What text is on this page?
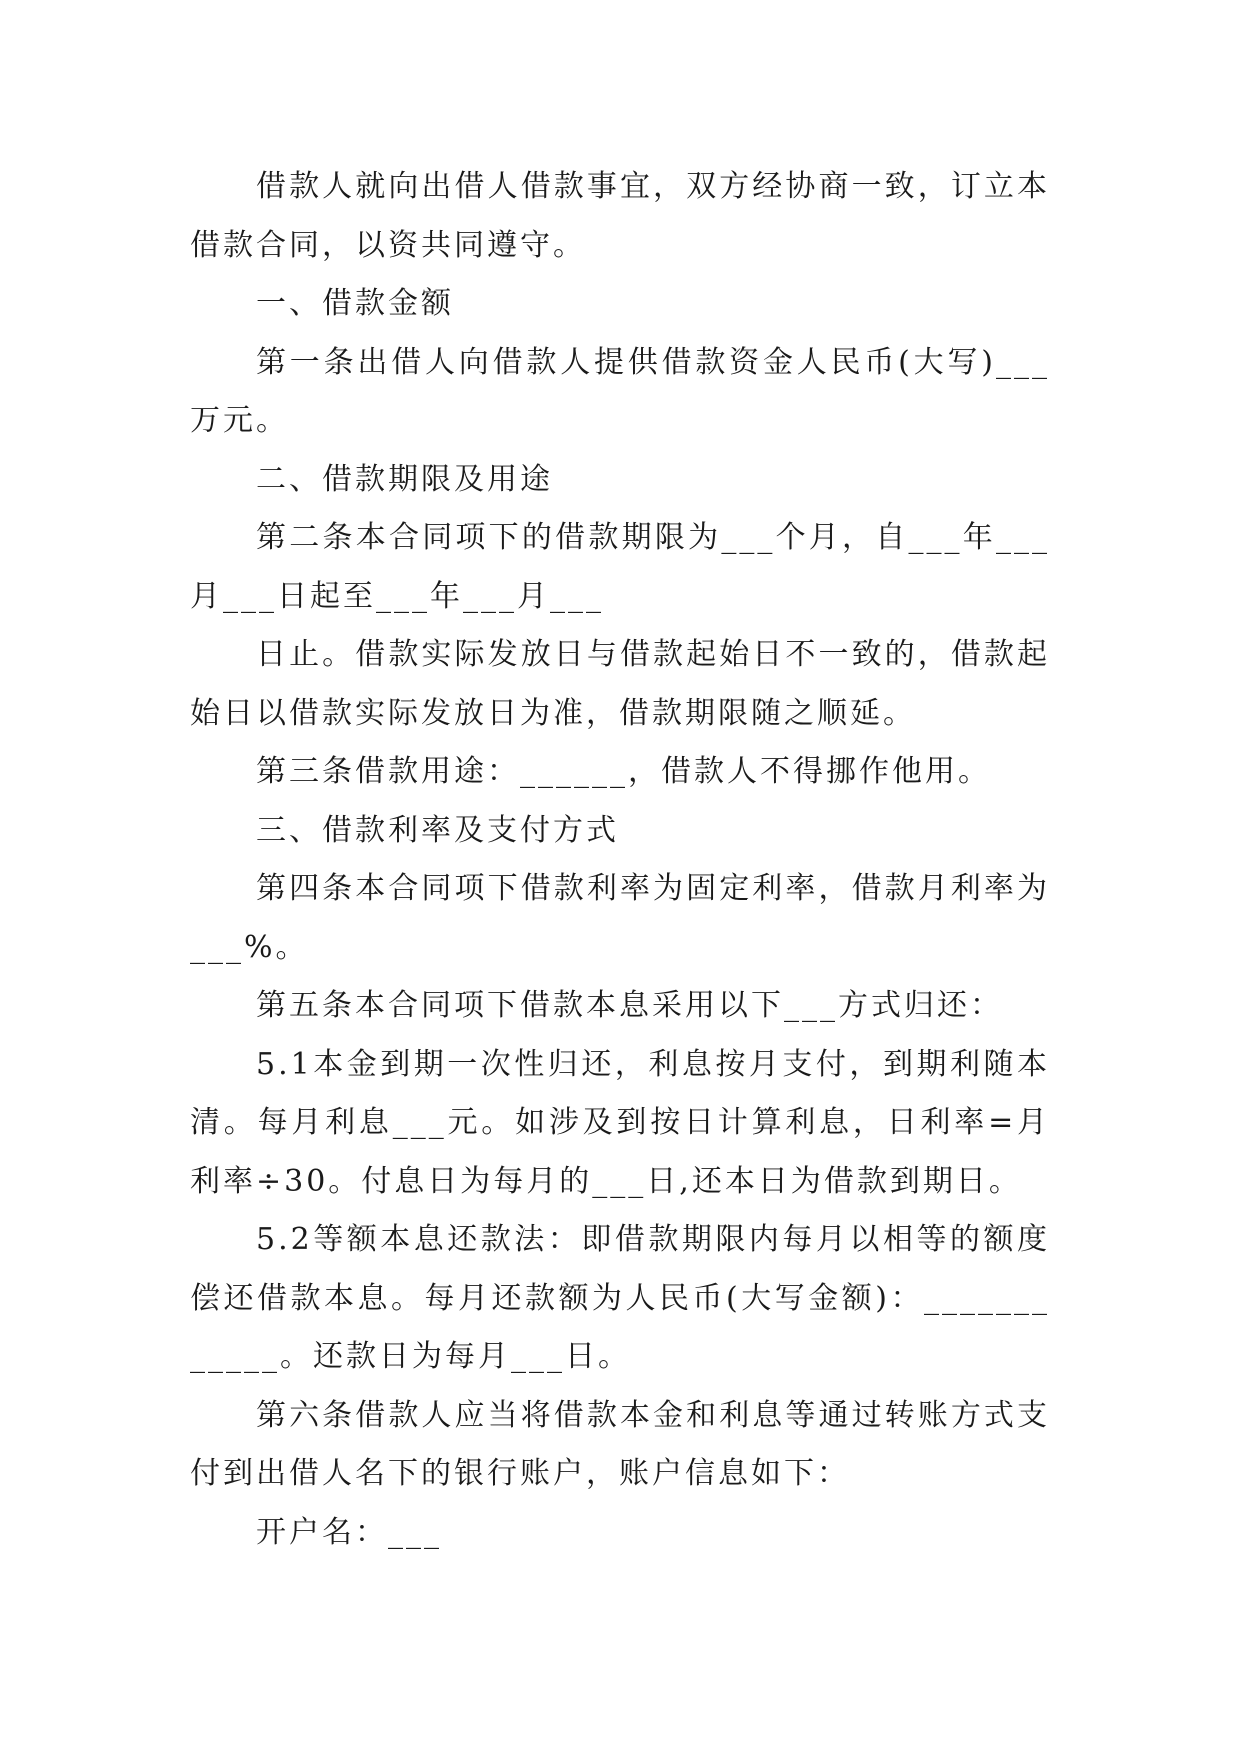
借款人就向出借人借款事宜，双方经协商一致，订立本借款合同，以资共同遵守。

一、借款金额

第一条出借人向借款人提供借款资金人民币(大写)___万元。

二、借款期限及用途

第二条本合同项下的借款期限为___个月，自___年___月___日起至___年___月___

日止。借款实际发放日与借款起始日不一致的，借款起始日以借款实际发放日为准，借款期限随之顺延。

第三条借款用途：______，借款人不得挪作他用。

三、借款利率及支付方式

第四条本合同项下借款利率为固定利率，借款月利率为___%。

第五条本合同项下借款本息采用以下___方式归还：

5.1本金到期一次性归还，利息按月支付，到期利随本清。每月利息___元。如涉及到按日计算利息，日利率=月利率÷30。付息日为每月的___日,还本日为借款到期日。

5.2等额本息还款法：即借款期限内每月以相等的额度偿还借款本息。每月还款额为人民币(大写金额)：____________。还款日为每月___日。

第六条借款人应当将借款本金和利息等通过转账方式支付到出借人名下的银行账户，账户信息如下：

开户名：___
